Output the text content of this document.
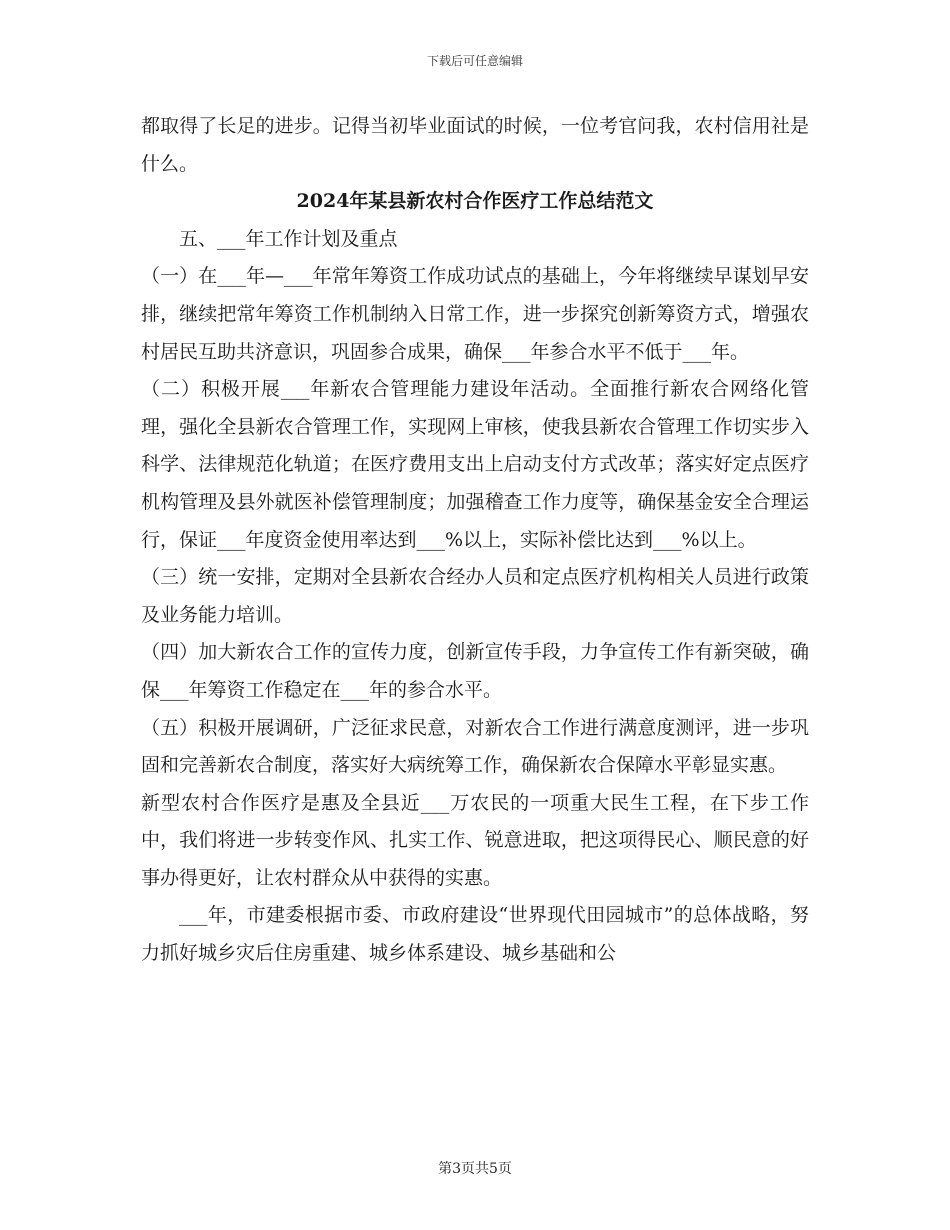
下载后可任意编辑

都取得了长足的进步。记得当初毕业面试的时候，一位考官问我，农村信用社是什么。

2024年某县新农村合作医疗工作总结范文

五、___年工作计划及重点

（一）在___年—___年常年筹资工作成功试点的基础上，今年将继续早谋划早安排，继续把常年筹资工作机制纳入日常工作，进一步探究创新筹资方式，增强农村居民互助共济意识，巩固参合成果，确保___年参合水平不低于___年。

（二）积极开展___年新农合管理能力建设年活动。全面推行新农合网络化管理，强化全县新农合管理工作，实现网上审核，使我县新农合管理工作切实步入科学、法律规范化轨道；在医疗费用支出上启动支付方式改革；落实好定点医疗机构管理及县外就医补偿管理制度；加强稽查工作力度等，确保基金安全合理运行，保证___年度资金使用率达到___%以上，实际补偿比达到___%以上。

（三）统一安排，定期对全县新农合经办人员和定点医疗机构相关人员进行政策及业务能力培训。

（四）加大新农合工作的宣传力度，创新宣传手段，力争宣传工作有新突破，确保___年筹资工作稳定在___年的参合水平。

（五）积极开展调研，广泛征求民意，对新农合工作进行满意度测评，进一步巩固和完善新农合制度，落实好大病统筹工作，确保新农合保障水平彰显实惠。

新型农村合作医疗是惠及全县近___万农民的一项重大民生工程，在下步工作中，我们将进一步转变作风、扎实工作、锐意进取，把这项得民心、顺民意的好事办得更好，让农村群众从中获得的实惠。

___年，市建委根据市委、市政府建设“世界现代田园城市”的总体战略，努力抓好城乡灾后住房重建、城乡体系建设、城乡基础和公

第3页共5页
